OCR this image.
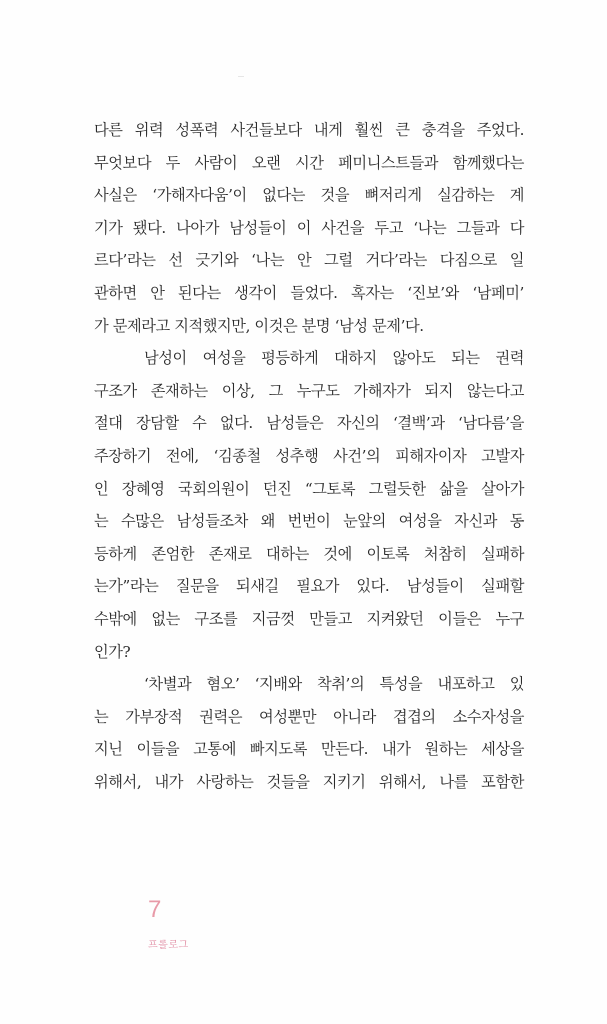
다른 위력 성폭력 사건들보다 내게 훨씬 큰 충격을 주었다.
무엇보다 두 사람이 오랜 시간 페미니스트들과 함께했다는
사실은 ‘가해자다움’이 없다는 것을 뼈저리게 실감하는 계
기가 됐다. 나아가 남성들이 이 사건을 두고 ‘나는 그들과 다
르다’라는 선 긋기와 ‘나는 안 그럴 거다’라는 다짐으로 일
관하면 안 된다는 생각이 들었다. 혹자는 ‘진보’와 ‘남페미’
가 문제라고 지적했지만, 이것은 분명 ‘남성 문제’다.
남성이 여성을 평등하게 대하지 않아도 되는 권력
구조가 존재하는 이상, 그 누구도 가해자가 되지 않는다고
절대 장담할 수 없다. 남성들은 자신의 ‘결백’과 ‘남다름’을
주장하기 전에, ‘김종철 성추행 사건’의 피해자이자 고발자
인 장혜영 국회의원이 던진 “그토록 그럴듯한 삶을 살아가
는 수많은 남성들조차 왜 번번이 눈앞의 여성을 자신과 동
등하게 존엄한 존재로 대하는 것에 이토록 처참히 실패하
는가”라는 질문을 되새길 필요가 있다. 남성들이 실패할
수밖에 없는 구조를 지금껏 만들고 지켜왔던 이들은 누구
인가?
‘차별과 혐오’ ‘지배와 착취’의 특성을 내포하고 있
는 가부장적 권력은 여성뿐만 아니라 겹겹의 소수자성을
지닌 이들을 고통에 빠지도록 만든다. 내가 원하는 세상을
위해서, 내가 사랑하는 것들을 지키기 위해서, 나를 포함한
7
프롤로그
